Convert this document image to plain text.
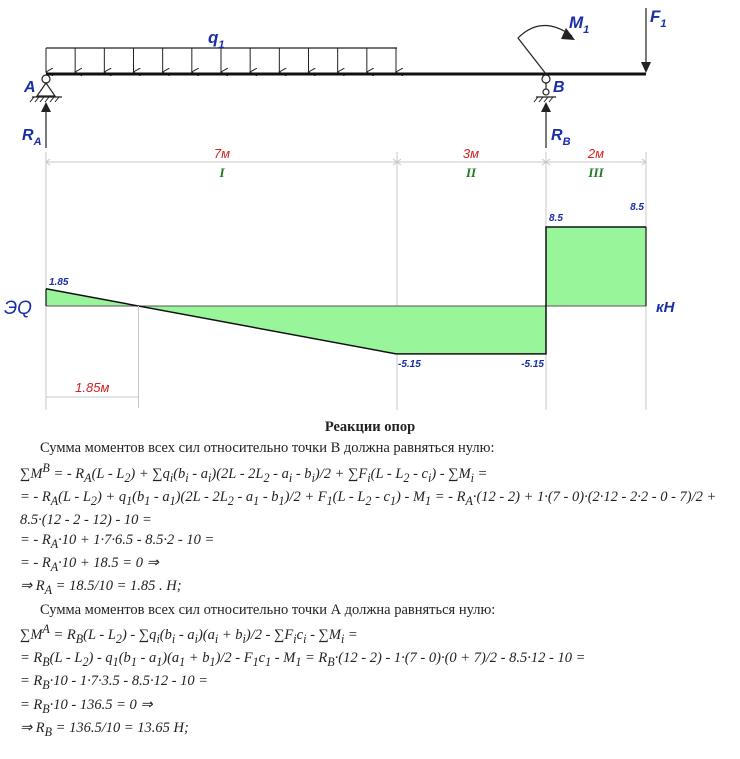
$q_1$
A	B
$M_1$
$F_1$
$R_A$	$R_B$
7м	3м	2м
I	II	III
1.85
-5.15	-5.15
8.5
8.5
ЭQ	кН
1.85м
Реакции опор
Сумма моментов всех сил относительно точки В должна равняться нулю:
$\sum M^B$ = - $R_A(L - L_2) + \sum q_i(b_i - a_i)(2L - 2L_2 - a_i - b_i)/2 + \sum F_i(L - L_2 - c_i) - \sum M_i$ =
= - $R_A(L - L_2) + q_1(b_1 - a_1)(2L - 2L_2 - a_1 - b_1)/2 + F_1(L - L_2 - c_1) - M_1$ = - $R_A\cdot(12 - 2) + 1\cdot(7 - 0)\cdot(2\cdot 12 - 2\cdot 2 - 0 - 7)/2 + 8.5\cdot(12 - 2 - 12) - 10$ =
= - $R_A\cdot 10 + 1\cdot 7\cdot 6.5 - 8.5\cdot 2 - 10$ =
= - $R_A\cdot 10 + 18.5 = 0$ ⇒
⇒ $R_A = 18.5/10 = 1.85$ . Н;
Сумма моментов всех сил относительно точки А должна равняться нулю:
$\sum M^A = R_B(L - L_2) - \sum q_i(b_i - a_i)(a_i + b_i)/2 - \sum F_ic_i - \sum M_i$ =
= $R_B(L - L_2) - q_1(b_1 - a_1)(a_1 + b_1)/2 - F_1c_1 - M_1 = R_B\cdot(12 - 2) - 1\cdot(7 - 0)\cdot(0 + 7)/2 - 8.5\cdot 12 - 10$ =
= $R_B\cdot 10 - 1\cdot 7\cdot 3.5 - 8.5\cdot 12 - 10$ =
= $R_B\cdot 10 - 136.5 = 0$ ⇒
⇒ $R_B = 136.5/10 = 13.65$ Н;
